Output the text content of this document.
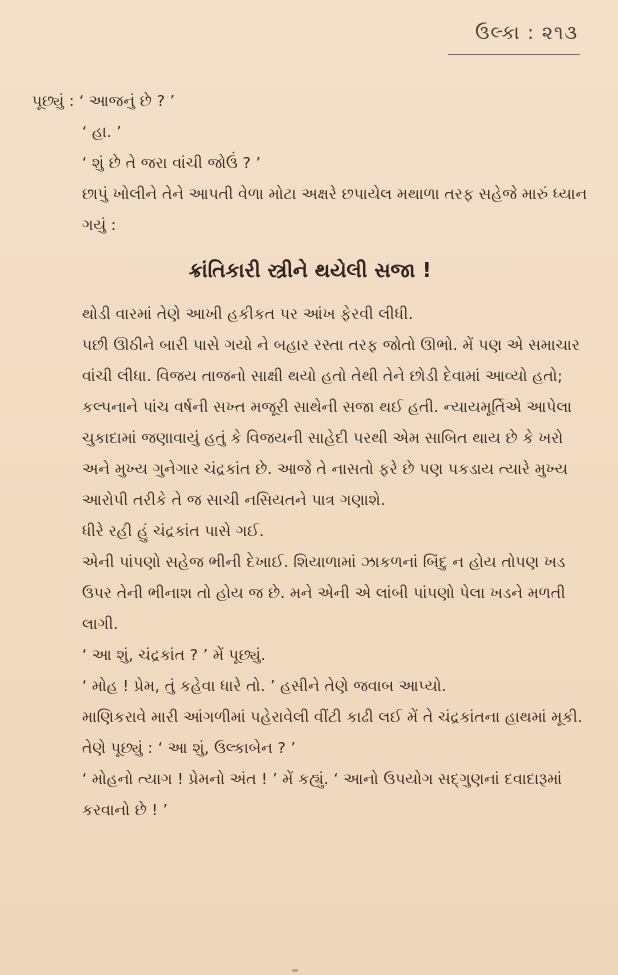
ઉલ્કા : ૨૧૩

પૂછ્યું : ‘ આજનું છે ? ’

‘ હા. ’

‘ શું છે તે જરા વાંચી જોઉં ? ’

છાપું ખોલીને તેને આપતી વેળા મોટા અક્ષરે છપાયેલ મથાળા તરફ સહેજે મારું ધ્યાન ગયું :

ક્રાંતિકારી સ્ત્રીને થયેલી સજા !

થોડી વારમાં તેણે આખી હકીકત પર આંખ ફેરવી લીધી.

પછી ઊઠીને બારી પાસે ગયો ને બહાર રસ્તા તરફ જોતો ઊભો. મેં પણ એ સમાચાર વાંચી લીધા. વિજય તાજનો સાક્ષી થયો હતો તેથી તેને છોડી દેવામાં આવ્યો હતો; કલ્પનાને પાંચ વર્ષની સખ્ત મજૂરી સાથેની સજા થઈ હતી. ન્યાયમૂર્તિએ આપેલા ચુકાદામાં જણાવાયું હતું કે વિજયની સાહેદી પરથી એમ સાબિત થાય છે કે ખરો અને મુખ્ય ગુનેગાર ચંદ્રકાંત છે. આજે તે નાસતો ફરે છે પણ પકડાય ત્યારે મુખ્ય આરોપી તરીકે તે જ સાચી નસિયતને પાત્ર ગણાશે.

ધીરે રહી હું ચંદ્રકાંત પાસે ગઈ.

એની પાંપણો સહેજ ભીની દેખાઈ. શિયાળામાં ઝાકળનાં બિંદુ ન હોય તોપણ ખડ ઉપર તેની ભીનાશ તો હોય જ છે. મને એની એ લાંબી પાંપણો પેલા ખડને મળતી લાગી.

‘ આ શું, ચંદ્રકાંત ? ’ મેં પૂછ્યું.

‘ મોહ ! પ્રેમ, તું કહેવા ધારે તો. ’ હસીને તેણે જવાબ આપ્યો.

માણિકરાવે મારી આંગળીમાં પહેરાવેલી વીંટી કાઢી લઈ મેં તે ચંદ્રકાંતના હાથમાં મૂકી.

તેણે પૂછ્યું : ‘ આ શું, ઉલ્કાબેન ? ’

‘ મોહનો ત્યાગ ! પ્રેમનો અંત ! ’ મેં કહ્યું. ‘ આનો ઉપયોગ સદ્‌ગુણનાં દવાદારૂમાં કરવાનો છે ! ’
